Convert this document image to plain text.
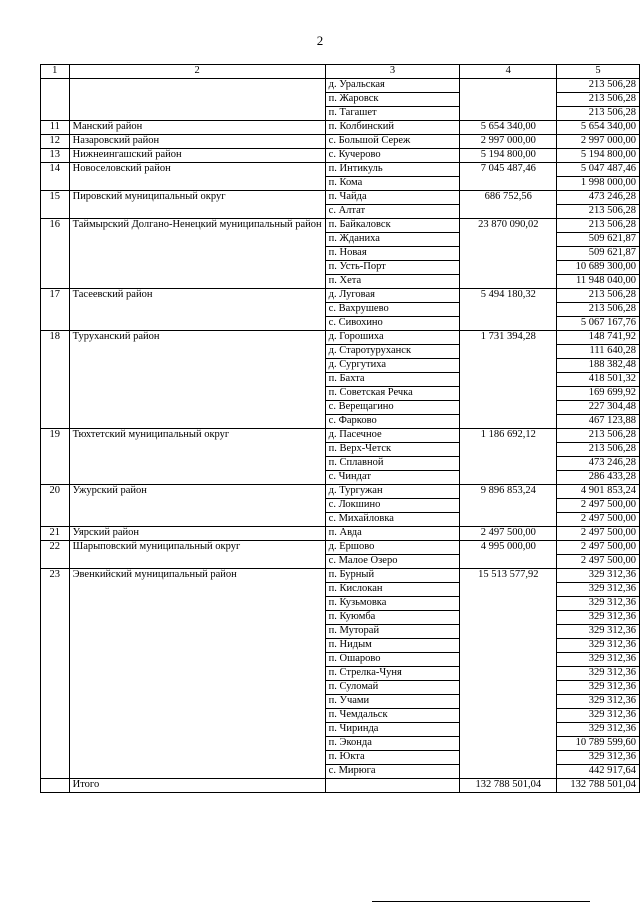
2
1	2	3	4	5
		д. Уральская		213 506,28
		п. Жаровск		213 506,28
		п. Тагашет		213 506,28
11	Манский район	п. Колбинский	5 654 340,00	5 654 340,00
12	Назаровский район	с. Большой Сереж	2 997 000,00	2 997 000,00
13	Нижнеингашский район	с. Кучерово	5 194 800,00	5 194 800,00
14	Новоселовский район	п. Интикуль	7 045 487,46	5 047 487,46
		п. Кома		1 998 000,00
15	Пировский муниципальный округ	п. Чайда	686 752,56	473 246,28
		с. Алтат		213 506,28
16	Таймырский Долгано-Ненецкий муниципальный район	п. Байкаловск	23 870 090,02	213 506,28
		п. Жданиха		509 621,87
		п. Новая		509 621,87
		п. Усть-Порт		10 689 300,00
		п. Хета		11 948 040,00
17	Тасеевский район	д. Луговая	5 494 180,32	213 506,28
		с. Вахрушево		213 506,28
		с. Сивохино		5 067 167,76
18	Туруханский район	д. Горошиха	1 731 394,28	148 741,92
		д. Старотуруханск		111 640,28
		д. Сургутиха		188 382,48
		п. Бахта		418 501,32
		п. Советская Речка		169 699,92
		с. Верещагино		227 304,48
		с. Фарково		467 123,88
19	Тюхтетский муниципальный округ	д. Пасечное	1 186 692,12	213 506,28
		п. Верх-Четск		213 506,28
		п. Сплавной		473 246,28
		с. Чиндат		286 433,28
20	Ужурский район	д. Тургужан	9 896 853,24	4 901 853,24
		с. Локшино		2 497 500,00
		с. Михайловка		2 497 500,00
21	Уярский район	п. Авда	2 497 500,00	2 497 500,00
22	Шарыповский муниципальный округ	д. Ершово	4 995 000,00	2 497 500,00
		с. Малое Озеро		2 497 500,00
23	Эвенкийский муниципальный район	п. Бурный	15 513 577,92	329 312,36
		п. Кислокан		329 312,36
		п. Кузьмовка		329 312,36
		п. Куюмба		329 312,36
		п. Муторай		329 312,36
		п. Нидым		329 312,36
		п. Ошарово		329 312,36
		п. Стрелка-Чуня		329 312,36
		п. Суломай		329 312,36
		п. Учами		329 312,36
		п. Чемдальск		329 312,36
		п. Чиринда		329 312,36
		п. Эконда		10 789 599,60
		п. Юкта		329 312,36
		с. Мирюга		442 917,64
	Итого		132 788 501,04	132 788 501,04
